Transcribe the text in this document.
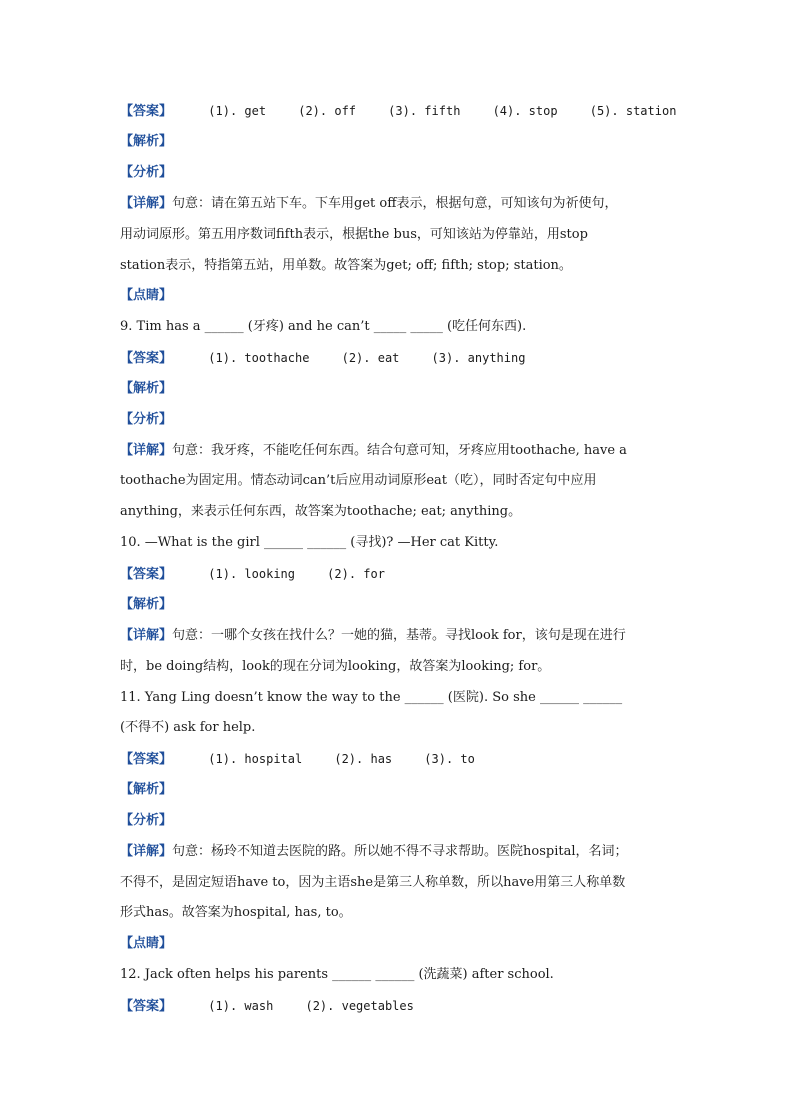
【答案】	(1). get	(2). off	(3). fifth	(4). stop	(5). station
【解析】
【分析】
【详解】句意：请在第五站下车。下车用get off表示，根据句意，可知该句为祈使句，
用动词原形。第五用序数词fifth表示，根据the bus，可知该站为停靠站，用stop
station表示，特指第五站，用单数。故答案为get; off; fifth; stop; station。
【点睛】
9. Tim has a ______ (牙疼) and he can’t _____ _____ (吃任何东西).
【答案】	(1). toothache	(2). eat	(3). anything
【解析】
【分析】
【详解】句意：我牙疼，不能吃任何东西。结合句意可知，牙疼应用toothache, have a
toothache为固定用。情态动词can’t后应用动词原形eat（吃），同时否定句中应用
anything，来表示任何东西，故答案为toothache; eat; anything。
10. —What is the girl ______ ______ (寻找)? —Her cat Kitty.
【答案】	(1). looking	(2). for
【解析】
【详解】句意：一哪个女孩在找什么？一她的猫，基蒂。寻找look for，该句是现在进行
时，be doing结构，look的现在分词为looking，故答案为looking; for。
11. Yang Ling doesn’t know the way to the ______ (医院). So she ______ ______
(不得不) ask for help.
【答案】	(1). hospital	(2). has	(3). to
【解析】
【分析】
【详解】句意：杨玲不知道去医院的路。所以她不得不寻求帮助。医院hospital，名词；
不得不，是固定短语have to，因为主语she是第三人称单数，所以have用第三人称单数
形式has。故答案为hospital, has, to。
【点睛】
12. Jack often helps his parents ______ ______ (洗蔬菜) after school.
【答案】	(1). wash	(2). vegetables
